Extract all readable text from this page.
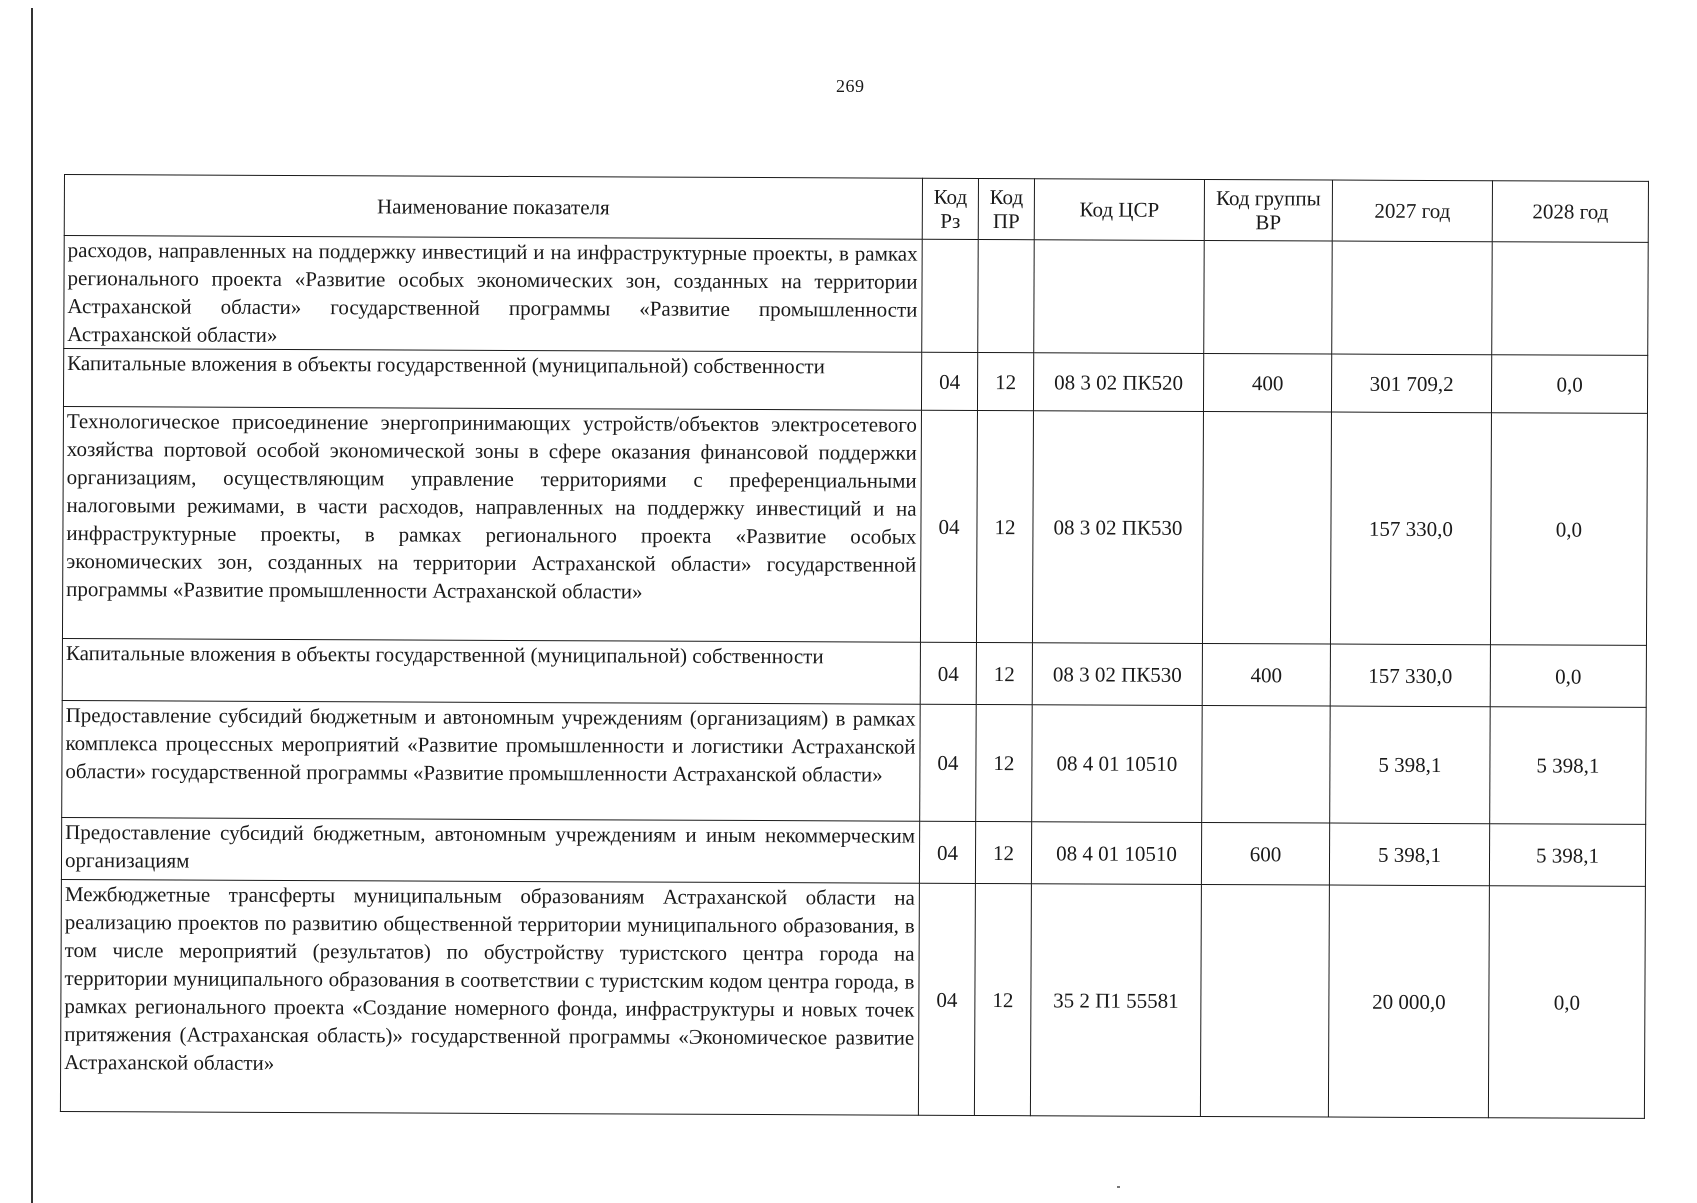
269
Наименование показателя	Код Рз	Код ПР	Код ЦСР	Код группы ВР	2027 год	2028 год
расходов, направленных на поддержку инвестиций и на инфраструктурные проекты, в рамках регионального проекта «Развитие особых экономических зон, созданных на территории Астраханской области» государственной программы «Развитие промышленности Астраханской области»						
Капитальные вложения в объекты государственной (муниципальной) собственности	04	12	08 3 02 ПК520	400	301 709,2	0,0
Технологическое присоединение энергопринимающих устройств/объектов электросетевого хозяйства портовой особой экономической зоны в сфере оказания финансовой поддержки организациям, осуществляющим управление территориями с преференциальными налоговыми режимами, в части расходов, направленных на поддержку инвестиций и на инфраструктурные проекты, в рамках регионального проекта «Развитие особых экономических зон, созданных на территории Астраханской области» государственной программы «Развитие промышленности Астраханской области»	04	12	08 3 02 ПК530		157 330,0	0,0
Капитальные вложения в объекты государственной (муниципальной) собственности	04	12	08 3 02 ПК530	400	157 330,0	0,0
Предоставление субсидий бюджетным и автономным учреждениям (организациям) в рамках комплекса процессных мероприятий «Развитие промышленности и логистики Астраханской области» государственной программы «Развитие промышленности Астраханской области»	04	12	08 4 01 10510		5 398,1	5 398,1
Предоставление субсидий бюджетным, автономным учреждениям и иным некоммерческим организациям	04	12	08 4 01 10510	600	5 398,1	5 398,1
Межбюджетные трансферты муниципальным образованиям Астраханской области на реализацию проектов по развитию общественной территории муниципального образования, в том числе мероприятий (результатов) по обустройству туристского центра города на территории муниципального образования в соответствии с туристским кодом центра города, в рамках регионального проекта «Создание номерного фонда, инфраструктуры и новых точек притяжения (Астраханская область)» государственной программы «Экономическое развитие Астраханской области»	04	12	35 2 П1 55581		20 000,0	0,0
